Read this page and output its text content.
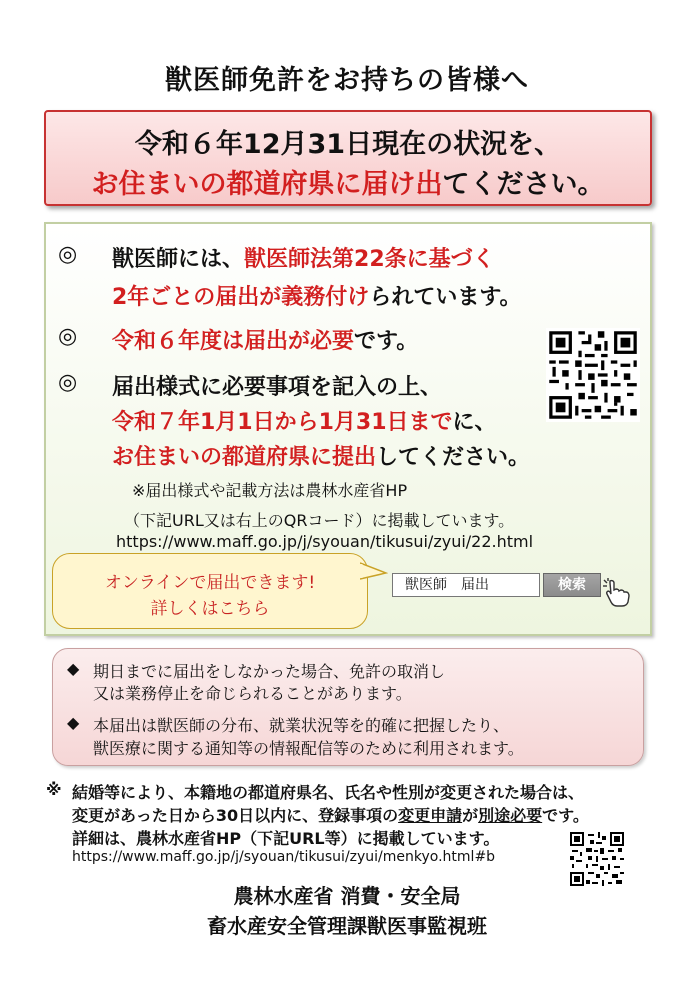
獣医師免許をお持ちの皆様へ
令和６年12月31日現在の状況を、
お住まいの都道府県に届け出てください。
◎ 獣医師には、獣医師法第22条に基づく
2年ごとの届出が義務付けられています。
◎ 令和６年度は届出が必要です。
◎ 届出様式に必要事項を記入の上、
令和７年1月1日から1月31日までに、
お住まいの都道府県に提出してください。
※届出様式や記載方法は農林水産省HP
（下記URL又は右上のQRコード）に掲載しています。
https://www.maff.go.jp/j/syouan/tikusui/zyui/22.html
オンラインで届出できます!
詳しくはこちら
獣医師　届出	検索
◆ 期日までに届出をしなかった場合、免許の取消し
又は業務停止を命じられることがあります。
◆ 本届出は獣医師の分布、就業状況等を的確に把握したり、
獣医療に関する通知等の情報配信等のために利用されます。
※ 結婚等により、本籍地の都道府県名、氏名や性別が変更された場合は、
変更があった日から30日以内に、登録事項の変更申請が別途必要です。
詳細は、農林水産省HP（下記URL等）に掲載しています。
https://www.maff.go.jp/j/syouan/tikusui/zyui/menkyo.html#b
農林水産省 消費・安全局
畜水産安全管理課獣医事監視班
